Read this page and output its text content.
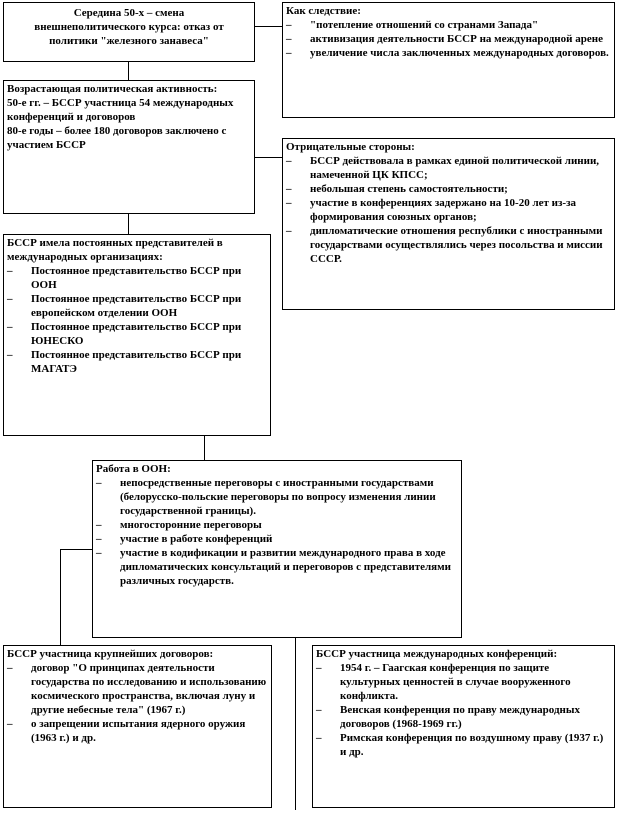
Середина 50-х – смена
внешнеполитического курса: отказ от
политики "железного занавеса"
Как следствие:
– "потепление отношений со странами Запада"
– активизация деятельности БССР на международной арене
– увеличение числа заключенных международных договоров.
Возрастающая политическая активность:
50-е гг. – БССР участница 54 международных конференций и договоров
80-е годы – более 180 договоров заключено с участием БССР	Отрицательные стороны:
– БССР действовала в рамках единой политической линии, намеченной ЦК КПСС;
– небольшая степень самостоятельности;
– участие в конференциях задержано на 10-20 лет из-за формирования союзных органов;
– дипломатические отношения республики с иностранными государствами осуществлялись через посольства и миссии СССР.
БССР имела постоянных представителей в международных организациях:
– Постоянное представительство БССР при ООН
– Постоянное представительство БССР при европейском отделении ООН
– Постоянное представительство БССР при ЮНЕСКО
– Постоянное представительство БССР при МАГАТЭ
Работа в ООН:
– непосредственные переговоры с иностранными государствами (белорусско-польские переговоры по вопросу изменения линии государственной границы).
– многосторонние переговоры
– участие в работе конференций
– участие в кодификации и развитии международного права в ходе дипломатических консультаций и переговоров с представителями различных государств.
БССР участница крупнейших договоров:
– договор "О принципах деятельности государства по исследованию и использованию космического пространства, включая луну и другие небесные тела" (1967 г.)
– о запрещении испытания ядерного оружия (1963 г.) и др.
БССР участница международных конференций:
– 1954 г. – Гаагская конференция по защите культурных ценностей в случае вооруженного конфликта.
– Венская конференция по праву международных договоров (1968-1969 гг.)
– Римская конференция по воздушному праву (1937 г.) и др.
